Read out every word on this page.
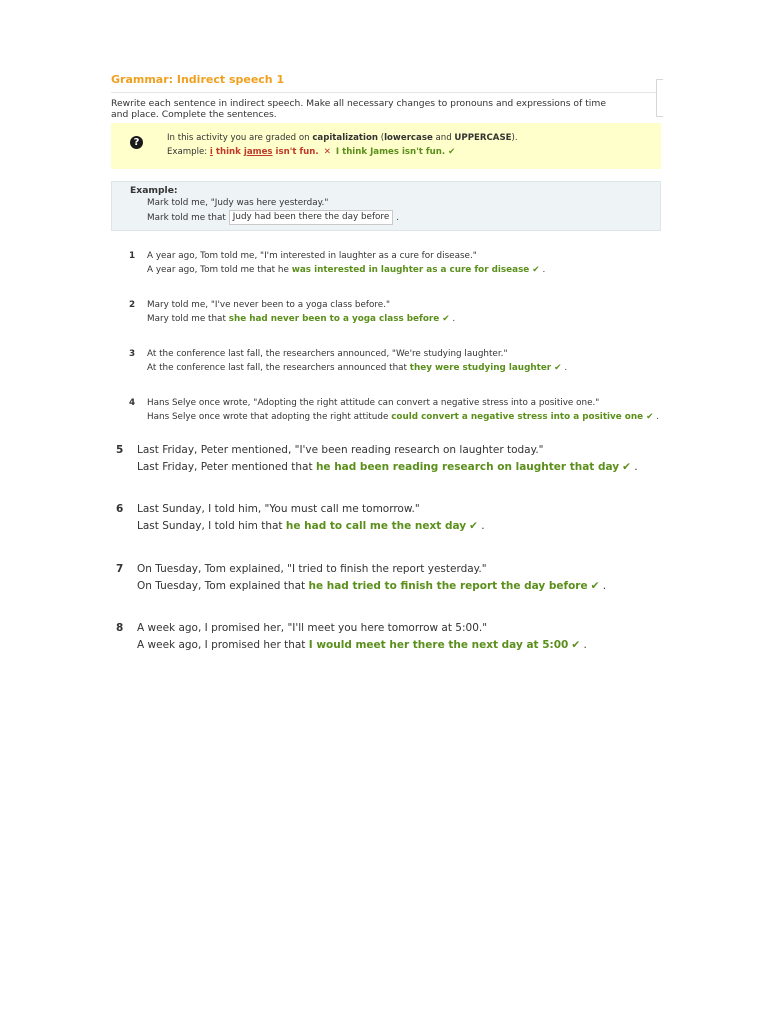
Grammar: Indirect speech 1
Rewrite each sentence in indirect speech. Make all necessary changes to pronouns and expressions of time and place. Complete the sentences.
?	In this activity you are graded on capitalization (lowercase and UPPERCASE).
Example: i think james isn't fun. ✕ I think James isn't fun. ✔
Example:
Mark told me, "Judy was here yesterday."
Mark told me that Judy had been there the day before .
1 A year ago, Tom told me, "I'm interested in laughter as a cure for disease."
A year ago, Tom told me that he was interested in laughter as a cure for disease ✔ .
2 Mary told me, "I've never been to a yoga class before."
Mary told me that she had never been to a yoga class before ✔ .
3 At the conference last fall, the researchers announced, "We're studying laughter."
At the conference last fall, the researchers announced that they were studying laughter ✔ .
4 Hans Selye once wrote, "Adopting the right attitude can convert a negative stress into a positive one."
Hans Selye once wrote that adopting the right attitude could convert a negative stress into a positive one ✔ .
5 Last Friday, Peter mentioned, "I've been reading research on laughter today."
Last Friday, Peter mentioned that he had been reading research on laughter that day ✔ .
6 Last Sunday, I told him, "You must call me tomorrow."
Last Sunday, I told him that he had to call me the next day ✔ .
7 On Tuesday, Tom explained, "I tried to finish the report yesterday."
On Tuesday, Tom explained that he had tried to finish the report the day before ✔ .
8 A week ago, I promised her, "I'll meet you here tomorrow at 5:00."
A week ago, I promised her that I would meet her there the next day at 5:00 ✔ .
